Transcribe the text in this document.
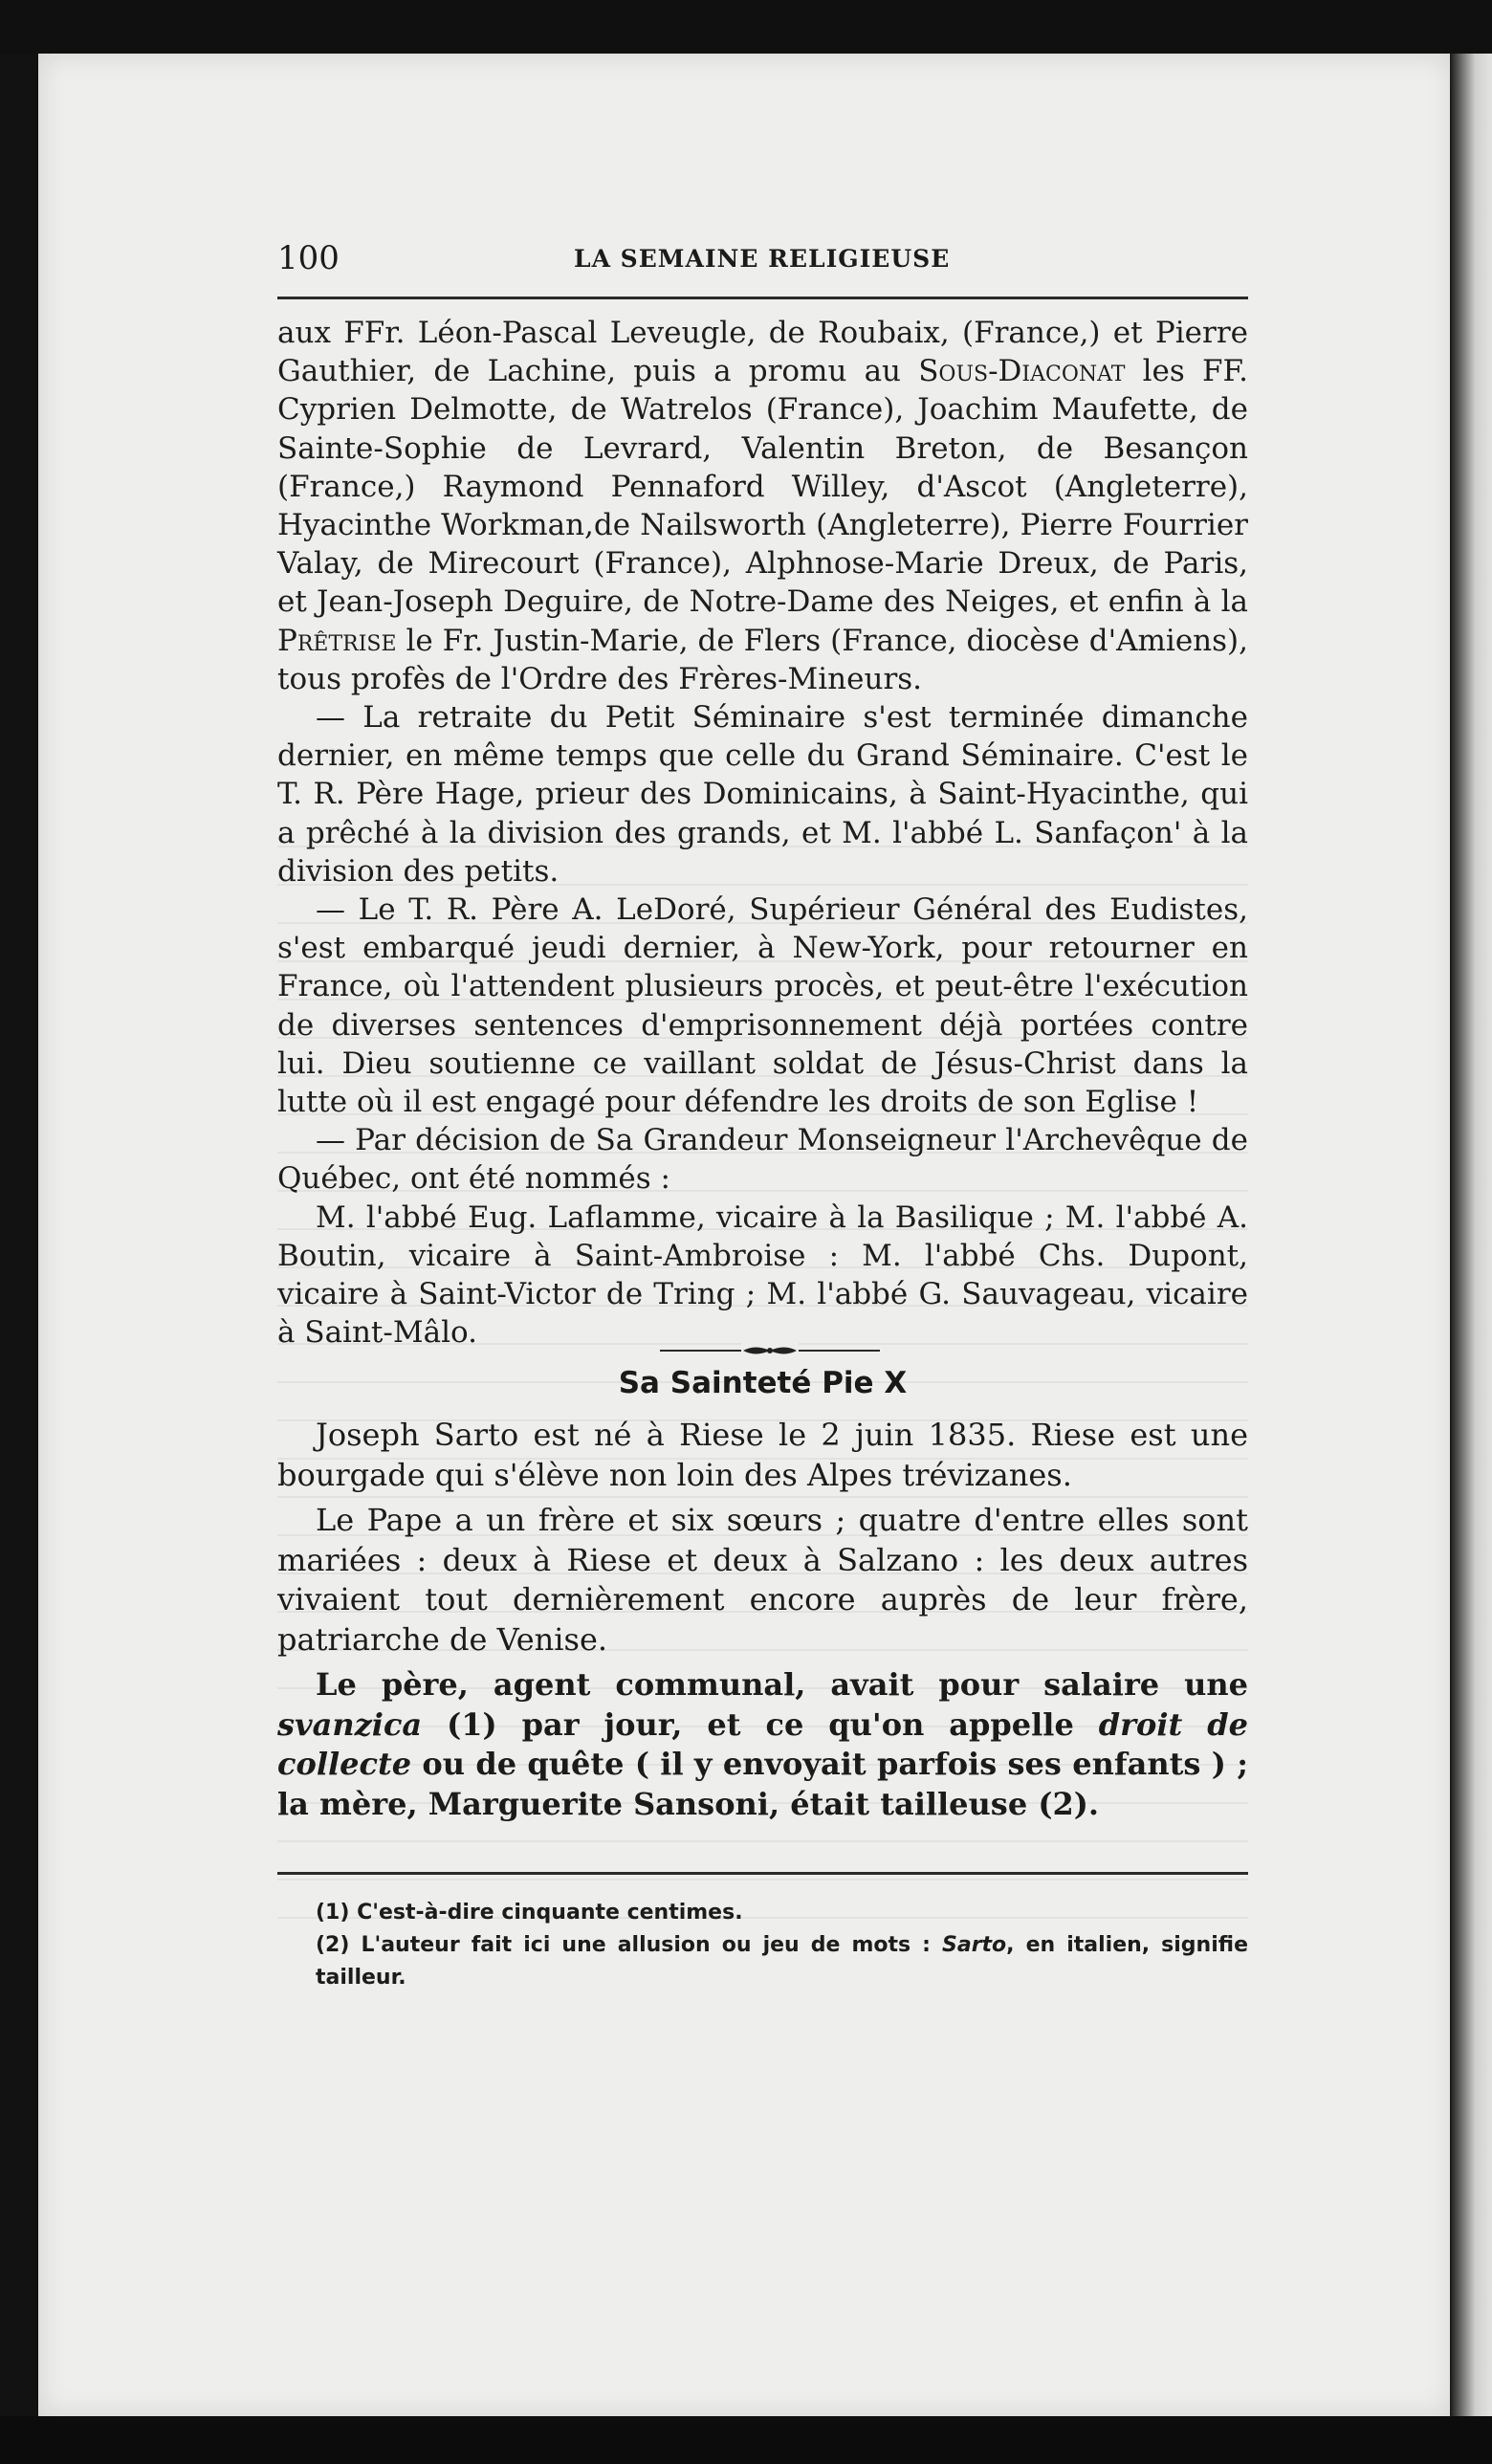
100	LA SEMAINE RELIGIEUSE

aux FFr. Léon-Pascal Leveugle, de Roubaix, (France,) et Pierre Gauthier, de Lachine, puis a promu au Sous-Diaconat les FF. Cyprien Delmotte, de Watrelos (France), Joachim Maufette, de Sainte-Sophie de Levrard, Valentin Breton, de Besançon (France,) Raymond Pennaford Willey, d'Ascot (Angleterre), Hyacinthe Workman,de Nailsworth (Angleterre), Pierre Fourrier Valay, de Mirecourt (France), Alphnose-Marie Dreux, de Paris, et Jean-Joseph Deguire, de Notre-Dame des Neiges, et enfin à la Prêtrise le Fr. Justin-Marie, de Flers (France, diocèse d'Amiens), tous profès de l'Ordre des Frères-Mineurs.

— La retraite du Petit Séminaire s'est terminée dimanche dernier, en même temps que celle du Grand Séminaire. C'est le T. R. Père Hage, prieur des Dominicains, à Saint-Hyacinthe, qui a prêché à la division des grands, et M. l'abbé L. Sanfaçon' à la division des petits.

— Le T. R. Père A. LeDoré, Supérieur Général des Eudistes, s'est embarqué jeudi dernier, à New-York, pour retourner en France, où l'attendent plusieurs procès, et peut-être l'exécution de diverses sentences d'emprisonnement déjà portées contre lui. Dieu soutienne ce vaillant soldat de Jésus-Christ dans la lutte où il est engagé pour défendre les droits de son Eglise !

— Par décision de Sa Grandeur Monseigneur l'Archevêque de Québec, ont été nommés :

M. l'abbé Eug. Laflamme, vicaire à la Basilique ; M. l'abbé A. Boutin, vicaire à Saint-Ambroise : M. l'abbé Chs. Dupont, vicaire à Saint-Victor de Tring ; M. l'abbé G. Sauvageau, vicaire à Saint-Mâlo.

Sa Sainteté Pie X

Joseph Sarto est né à Riese le 2 juin 1835. Riese est une bourgade qui s'élève non loin des Alpes trévizanes.

Le Pape a un frère et six sœurs ; quatre d'entre elles sont mariées : deux à Riese et deux à Salzano : les deux autres vivaient tout dernièrement encore auprès de leur frère, patriarche de Venise.

Le père, agent communal, avait pour salaire une svanzica (1) par jour, et ce qu'on appelle droit de collecte ou de quête ( il y envoyait parfois ses enfants ) ; la mère, Marguerite Sansoni, était tailleuse (2).

(1) C'est-à-dire cinquante centimes.

(2) L'auteur fait ici une allusion ou jeu de mots : Sarto, en italien, signifie tailleur.
